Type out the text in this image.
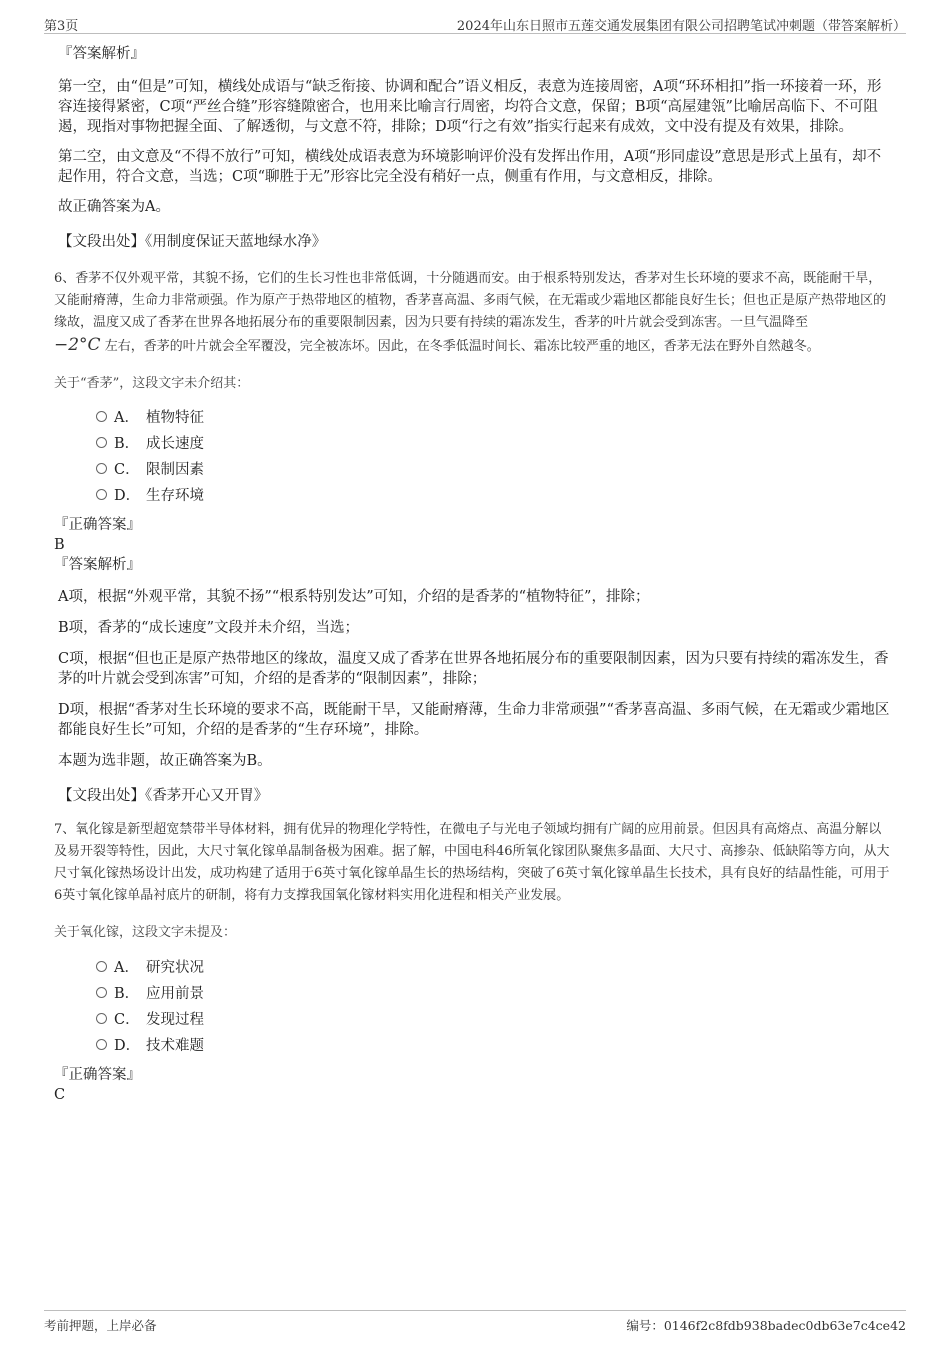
第3页	2024年山东日照市五莲交通发展集团有限公司招聘笔试冲刺题（带答案解析）
『答案解析』

第一空，由“但是”可知，横线处成语与“缺乏衔接、协调和配合”语义相反，表意为连接周密，A项“环环相扣”指一环接着一环，形容连接得紧密，C项“严丝合缝”形容缝隙密合，也用来比喻言行周密，均符合文意，保留；B项“高屋建瓴”比喻居高临下、不可阻遏，现指对事物把握全面、了解透彻，与文意不符，排除；D项“行之有效”指实行起来有成效，文中没有提及有效果，排除。

第二空，由文意及“不得不放行”可知，横线处成语表意为环境影响评价没有发挥出作用，A项“形同虚设”意思是形式上虽有，却不起作用，符合文意，当选；C项“聊胜于无”形容比完全没有稍好一点，侧重有作用，与文意相反，排除。

故正确答案为A。

【文段出处】《用制度保证天蓝地绿水净》

6、香茅不仅外观平常，其貌不扬，它们的生长习性也非常低调，十分随遇而安。由于根系特别发达，香茅对生长环境的要求不高，既能耐干旱，又能耐瘠薄，生命力非常顽强。作为原产于热带地区的植物，香茅喜高温、多雨气候，在无霜或少霜地区都能良好生长；但也正是原产热带地区的缘故，温度又成了香茅在世界各地拓展分布的重要限制因素，因为只要有持续的霜冻发生，香茅的叶片就会受到冻害。一旦气温降至
−2°C 左右，香茅的叶片就会全军覆没，完全被冻坏。因此，在冬季低温时间长、霜冻比较严重的地区，香茅无法在野外自然越冬。

关于“香茅”，这段文字未介绍其：

A． 植物特征
B． 成长速度
C． 限制因素
D． 生存环境
『正确答案』
B
『答案解析』

A项，根据“外观平常，其貌不扬”“根系特别发达”可知，介绍的是香茅的“植物特征”，排除；

B项，香茅的“成长速度”文段并未介绍，当选；

C项，根据“但也正是原产热带地区的缘故，温度又成了香茅在世界各地拓展分布的重要限制因素，因为只要有持续的霜冻发生，香茅的叶片就会受到冻害”可知，介绍的是香茅的“限制因素”，排除；

D项，根据“香茅对生长环境的要求不高，既能耐干旱，又能耐瘠薄，生命力非常顽强”“香茅喜高温、多雨气候，在无霜或少霜地区都能良好生长”可知，介绍的是香茅的“生存环境”，排除。

本题为选非题，故正确答案为B。

【文段出处】《香茅开心又开胃》

7、氧化镓是新型超宽禁带半导体材料，拥有优异的物理化学特性，在微电子与光电子领域均拥有广阔的应用前景。但因具有高熔点、高温分解以及易开裂等特性，因此，大尺寸氧化镓单晶制备极为困难。据了解，中国电科46所氧化镓团队聚焦多晶面、大尺寸、高掺杂、低缺陷等方向，从大尺寸氧化镓热场设计出发，成功构建了适用于6英寸氧化镓单晶生长的热场结构，突破了6英寸氧化镓单晶生长技术，具有良好的结晶性能，可用于6英寸氧化镓单晶衬底片的研制，将有力支撑我国氧化镓材料实用化进程和相关产业发展。

关于氧化镓，这段文字未提及：

A． 研究状况
B． 应用前景
C． 发现过程
D． 技术难题
『正确答案』
C
考前押题，上岸必备	编号：0146f2c8fdb938badec0db63e7c4ce42
